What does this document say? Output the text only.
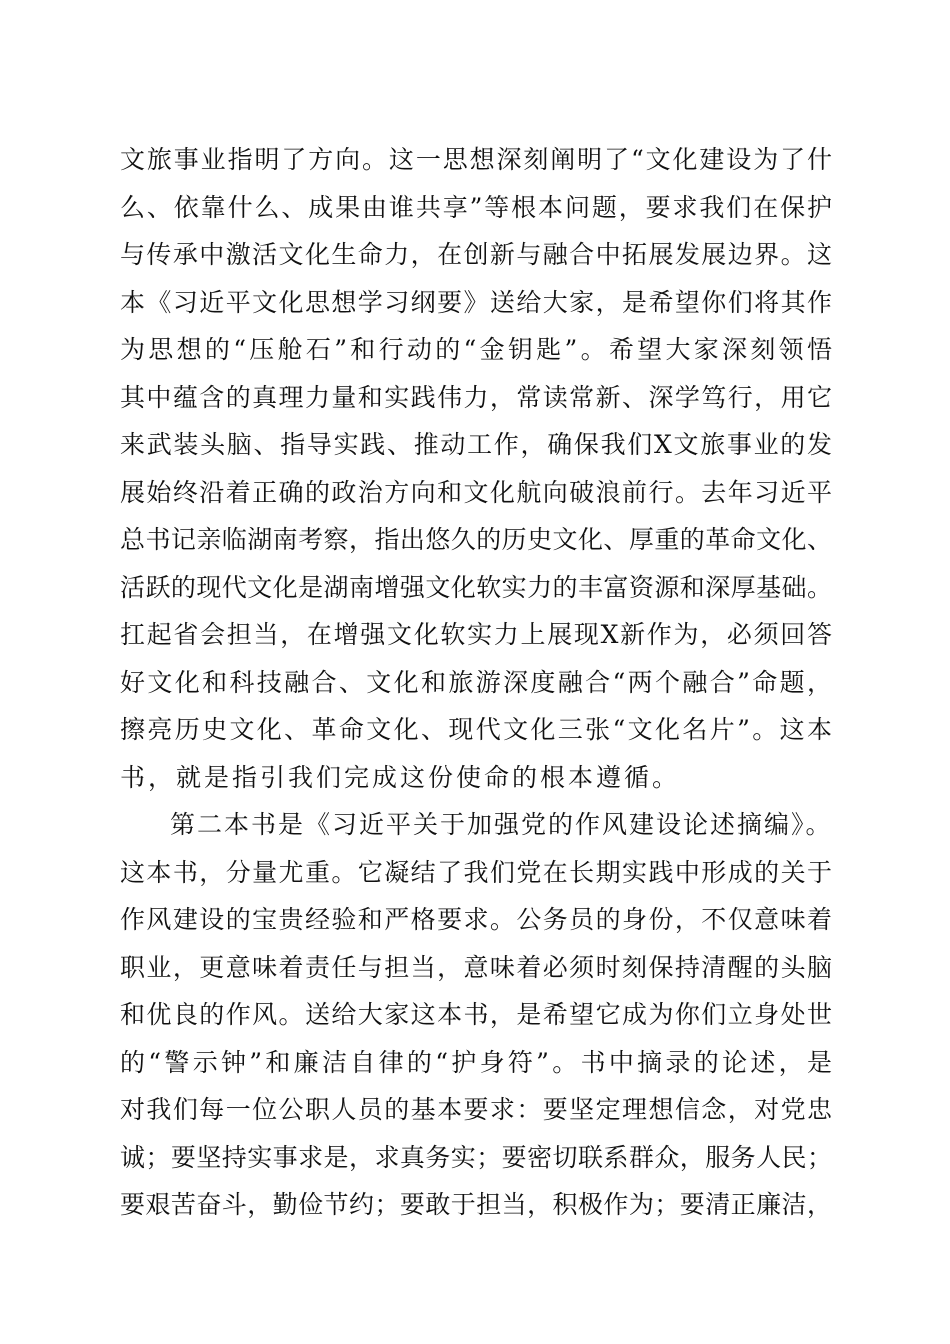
文旅事业指明了方向。这一思想深刻阐明了“文化建设为了什
么、依靠什么、成果由谁共享”等根本问题，要求我们在保护
与传承中激活文化生命力，在创新与融合中拓展发展边界。这
本《习近平文化思想学习纲要》送给大家，是希望你们将其作
为思想的“压舱石”和行动的“金钥匙”。希望大家深刻领悟
其中蕴含的真理力量和实践伟力，常读常新、深学笃行，用它
来武装头脑、指导实践、推动工作，确保我们X文旅事业的发
展始终沿着正确的政治方向和文化航向破浪前行。去年习近平
总书记亲临湖南考察，指出悠久的历史文化、厚重的革命文化、
活跃的现代文化是湖南增强文化软实力的丰富资源和深厚基础。
扛起省会担当，在增强文化软实力上展现X新作为，必须回答
好文化和科技融合、文化和旅游深度融合“两个融合”命题，
擦亮历史文化、革命文化、现代文化三张“文化名片”。这本
书，就是指引我们完成这份使命的根本遵循。
第二本书是《习近平关于加强党的作风建设论述摘编》。
这本书，分量尤重。它凝结了我们党在长期实践中形成的关于
作风建设的宝贵经验和严格要求。公务员的身份，不仅意味着
职业，更意味着责任与担当，意味着必须时刻保持清醒的头脑
和优良的作风。送给大家这本书，是希望它成为你们立身处世
的“警示钟”和廉洁自律的“护身符”。书中摘录的论述，是
对我们每一位公职人员的基本要求：要坚定理想信念，对党忠
诚；要坚持实事求是，求真务实；要密切联系群众，服务人民；
要艰苦奋斗，勤俭节约；要敢于担当，积极作为；要清正廉洁，
